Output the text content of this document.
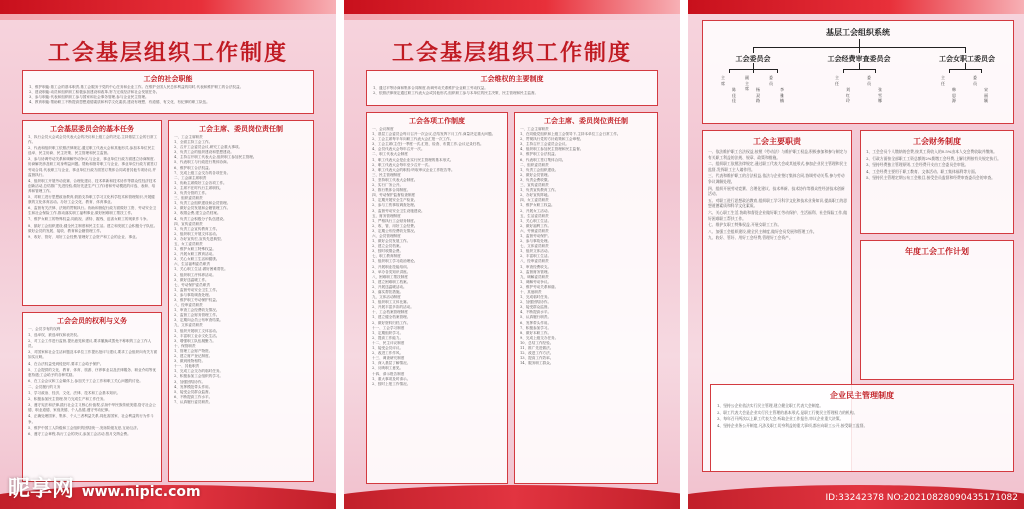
工会基层组织工作制度
工会的社会职能
1、维护职能:基工会的基本职责,基工会服务于党的中心任务和企业工作。在维护全国人民总体利益的同时,代表和维护职工的合法权益。
2、建设职能:动员和组织职工积极参加建设和改革,努力完成经济和社会发展任务。
3、参与职能:代表和组织职工参与国家和社会事务管理,参与企业民主管理。
4、教育职能:帮助职工不断提高思想道德素质和科学文化素质,建设有理想、有道德、有文化、有纪律的职工队伍。
工会基层委员会的基本任务
1、执行会员大会或会员代表大会的决议和上级工会的决定,主持基层工会的日常工作。
2、代表和组织职工依照法律规定,通过职工代表大会和其他形式,参加本单位民主选举、民主协商、民主决策、民主管理和民主监督。
3、参与协调劳动关系和调解劳动争议,与企业、事业单位行政方面建立协商制度,协商解决涉及职工切身利益问题。帮助和指导职工与企业、事业单位行政方面签订劳动合同,代表职工与企业、事业单位行政方面签订集体合同或者其他专项协议,并监督执行。
4、组织职工开展劳动竞赛、合理化建议、技术革新和技术协作等群众性经济技术创新活动,总结推广先进经验,做好先进生产(工作)者和劳动模范的评选、表彰、培养和管理工作。
5、对职工进行思想政治教育,鼓励支持职工学习文化科学技术和管理知识,开展健康的文化体育活动。办好工会文化、教育、体育事业。
6、监督有关法律、法规的贯彻执行。协助和督促行政方面做好工资、劳动安全卫生和社会保险工作,推动落实职工福利事业,做好困难职工帮扶工作。
7、维护女职工的特殊权益,同歧视、虐待、摧残、迫害女职工的现象作斗争。
8、搞好工会组织建设,健全民主制度和民主生活。建立和发展工会积极分子队伍。做好会员的发展、接收、教育和会籍管理工作。
9、收好、管好、用好工会经费,管理好工会资产和工会的企业、事业。
工会主席、委员岗位责任制
一、工会主席职责
1、全面主持工会工作。
2、召开工会委员会议,研究工会重大事项。
3、负责工会的组织建设和思想建设。
4、主持召开职工代表大会,组织职工参加民主管理。
5、代表职工与行政进行集体协商。
6、维护职工合法权益。
7、完成上级工会交办的各项任务。
二、工会副主席职责
1、协助主席做好工会各项工作。
2、主席不在时代行主席职权。
3、负责分管的工作。
三、组织委员职责
1、负责工会组织建设和会员管理。
2、做好会员发展和会籍管理工作。
3、收缴会费,建立会员档案。
4、负责工会积极分子队伍建设。
四、宣传委员职责
1、负责工会宣传教育工作。
2、组织职工开展文体活动。
3、办好宣传栏,宣传先进典型。
五、女工委员职责
1、维护女职工特殊权益。
2、开展女职工教育活动。
3、关心女职工生活和健康。
六、生活福利委员职责
1、关心职工生活,做好困难帮扶。
2、组织职工疗休养活动。
3、做好送温暖工作。
七、劳动保护委员职责
1、监督劳动安全卫生工作。
2、参与事故调查处理。
3、维护职工劳动保护权益。
八、经审委员职责
1、审查工会经费收支情况。
2、监督工会财务管理工作。
3、定期向会员公布审查结果。
九、文体委员职责
1、组织开展职工文体活动。
2、丰富职工业余文化生活。
3、增强职工队伍凝聚力。
十、保管职责
1、管理工会财产物资。
2、建立财产登记制度。
3、做到账物相符。
十一、其他职责
1、完成工会交办的临时任务。
2、积极参加工会组织的学习。
3、加强团结协作。
4、发挥模范带头作用。
5、接受会员群众监督。
6、不断提高工作水平。
7、认真履行委员职责。
工会会员的权利与义务
一、会员享有的权利
1、选举权、被选举权和表决权。
2、对工会工作进行监督,提出意见和建议,要求撤换或罢免不称职的工会工作人员。
3、对国家和社会生活问题及本单位工作提出批评与建议,要求工会组织向有关方面如实反映。
4、在合法权益受到侵犯时,要求工会给予保护。
5、工会提供的文化、教育、体育、旅游、疗养事业以及法律服务、职业介绍等优惠待遇;工会给予的各种奖励。
6、在工会会议和工会媒体上,参加关于工会工作和职工关心问题的讨论。
二、会员履行的义务
1、学习政治、经济、文化、法律、技术和工会基本知识。
2、积极参加民主管理,努力完成生产和工作任务。
3、遵守宪法和法律,践行社会主义核心价值观,弘扬中华民族传统美德,恪守社会公德、职业道德、家庭美德、个人品德,遵守劳动纪律。
4、正确处理国家、集体、个人三者利益关系,同危害国家、社会利益的行为作斗争。
5、维护中国工人阶级和工会组织的团结统一,发扬阶级友爱,互助互济。
6、遵守工会章程,执行工会的决议,参加工会活动,按月交纳会费。
昵享网 www.nipic.com
工会基层组织工作制度
工会维权的主要制度
1、通过平等协商和集体合同制度,协调劳动关系维护企业职工劳动权益。
2、依照法律规定通过职工代表大会或其他形式,组织职工参与本单位的民主决策、民主管理和民主监督。
工会各项工作制度
一、会议制度
1、基层工会委员会每月召开一次会议,总结发挥下月工作,商量决定重大问题。
2、工会主席每半年向职工代表大会汇报一次工作。
3、工会主席(主任)一季度一次,汇报、检查、布置工作,会议记录归档。
4、会员代表大会每年召开一次。
二、职工代表大会制度
1、职工代表大会是企业实行民主管理的基本形式。
2、职工代表大会每年至少召开一次。
3、职工代表大会的职权:听取审议企业工作报告等。
三、民主管理制度
1、坚持职工代表大会制度。
2、实行厂务公开。
3、推行集体合同制度。
四、劳动保护监督检查制度
1、定期开展安全生产检查。
2、参与工伤事故调查处理。
3、监督劳动安全卫生设施建设。
五、财务管理制度
1、严格执行工会财务制度。
2、收、管、用好工会经费。
3、定期公布经费收支情况。
六、会员管理制度
1、做好会员发展工作。
2、建立会员档案。
3、按时收缴会费。
七、职工教育制度
1、组织职工学习政治理论。
2、开展职业技能培训。
3、举办各类知识讲座。
八、困难职工帮扶制度
1、建立困难职工档案。
2、开展送温暖活动。
3、落实帮扶措施。
九、文体活动制度
1、组织职工文体比赛。
2、开展丰富多彩的活动。
十、工会档案管理制度
1、建立健全档案管理。
2、做好资料归档工作。
十一、工会学习制度
1、定期组织学习。
2、提高工作能力。
十二、民主评议制度
1、接受会员评议。
2、改进工作作风。
十三、调查研究制度
1、深入基层了解情况。
2、反映职工意见。
十四、请示报告制度
1、重大事项及时请示。
2、按时上报工作情况。
工会主席、委员岗位责任制
一、工会主席职责
1、在同级党组织和上级工会领导下,主持本单位工会日常工作。
2、贯彻执行党的方针政策和工会章程。
3、主持召开工会委员会会议。
4、组织职工参加民主管理和民主监督。
5、维护职工合法权益。
6、代表职工签订集体合同。
二、组织委员职责
1、负责工会组织建设。
2、做好会员管理。
3、负责会费收缴。
三、宣传委员职责
1、负责宣传教育工作。
2、办好宣传阵地。
四、女工委员职责
1、维护女职工权益。
2、开展女工活动。
五、生活委员职责
1、关心职工生活。
2、做好福利工作。
六、劳保委员职责
1、监督劳动保护。
2、参与事故处理。
七、文体委员职责
1、组织文体活动。
2、丰富职工生活。
八、经审委员职责
1、审查经费收支。
2、监督财务管理。
九、调解委员职责
1、调解劳动争议。
2、维护劳动关系和谐。
十、其他职责
1、完成临时任务。
2、加强团结协作。
3、接受群众监督。
4、不断提高水平。
5、认真履行职责。
6、发挥带头作用。
7、积极参加学习。
8、做好本职工作。
9、完成上级交办任务。
10、总结工作经验。
11、推广先进做法。
12、改进工作方法。
13、提高工作效率。
14、服务职工群众。
基层工会组织系统
工会委员会	工会经费审查委员会	工会女职工委员会
主
席
陈
佳
佳
副
主
席 杨
双
路
委
员
李
雅
楠
主
任
刘
红
玲
委
员
张
雪
娜
主
任
韩
思
源
委
员
宋
丽
颖
工会主要职责
一、依法维护职工合法权益,按照《劳动法》与维护职工权益,积极参加和参与制定与有关职工利益的法规、规章、政策和措施。
二、组织职工依照法律规定,通过职工代表大会或其他形式,参加企业民主管理和民主监督,发挥职工主人翁作用。
三、代表和维护职工的合法权益,依法与企业签订集体合同,协调劳动关系,参与劳动争议调解处理。
四、组织开展劳动竞赛、合理化建议、技术革新、技术协作等群众性经济技术创新活动。
五、对职工进行思想政治教育,组织职工学习科学文化和技术业务知识,提高职工的思想道德素质和科学文化素质。
六、关心职工生活,协助和督促企业做好职工劳动保护、生活福利、社会保险工作,做好困难职工帮扶工作。
七、维护女职工特殊权益,开展女职工工作。
八、加强工会组织建设,健全民主制度,做好会员发展和管理工作。
九、收好、管好、用好工会经费,管理好工会资产。
工会财务制度
1、工会会员个人缴纳的会费,按其工资收入的0.5%由本人交会费收取并缴纳。
2、行政方面按全部职工工资总额的2%拨缴工会经费,上解比例按有关规定执行。
3、坚持经费独立管理原则,工会经费开支由工会委员会审批。
4、工会经费主要用于职工教育、文体活动、职工集体福利等方面。
5、坚持民主管理定期公布工会账目,接受会员监督和经费审查委员会的审查。
年度工会工作计划
企业民主管理制度
1、坚持公企业依法实行民主管理,建立健全职工代表大会制度。
2、职工代表大会是企业实行民主管理的基本形式,是职工行使民主管理权力的机构。
3、每年召开两次以上职工代表大会,听取企业工作报告,审议企业重大决策。
4、坚持企业务公开制度,凡涉及职工切身利益的重大事项,都应向职工公开,接受职工监督。
ID:33242378 NO:20210828090435171082
